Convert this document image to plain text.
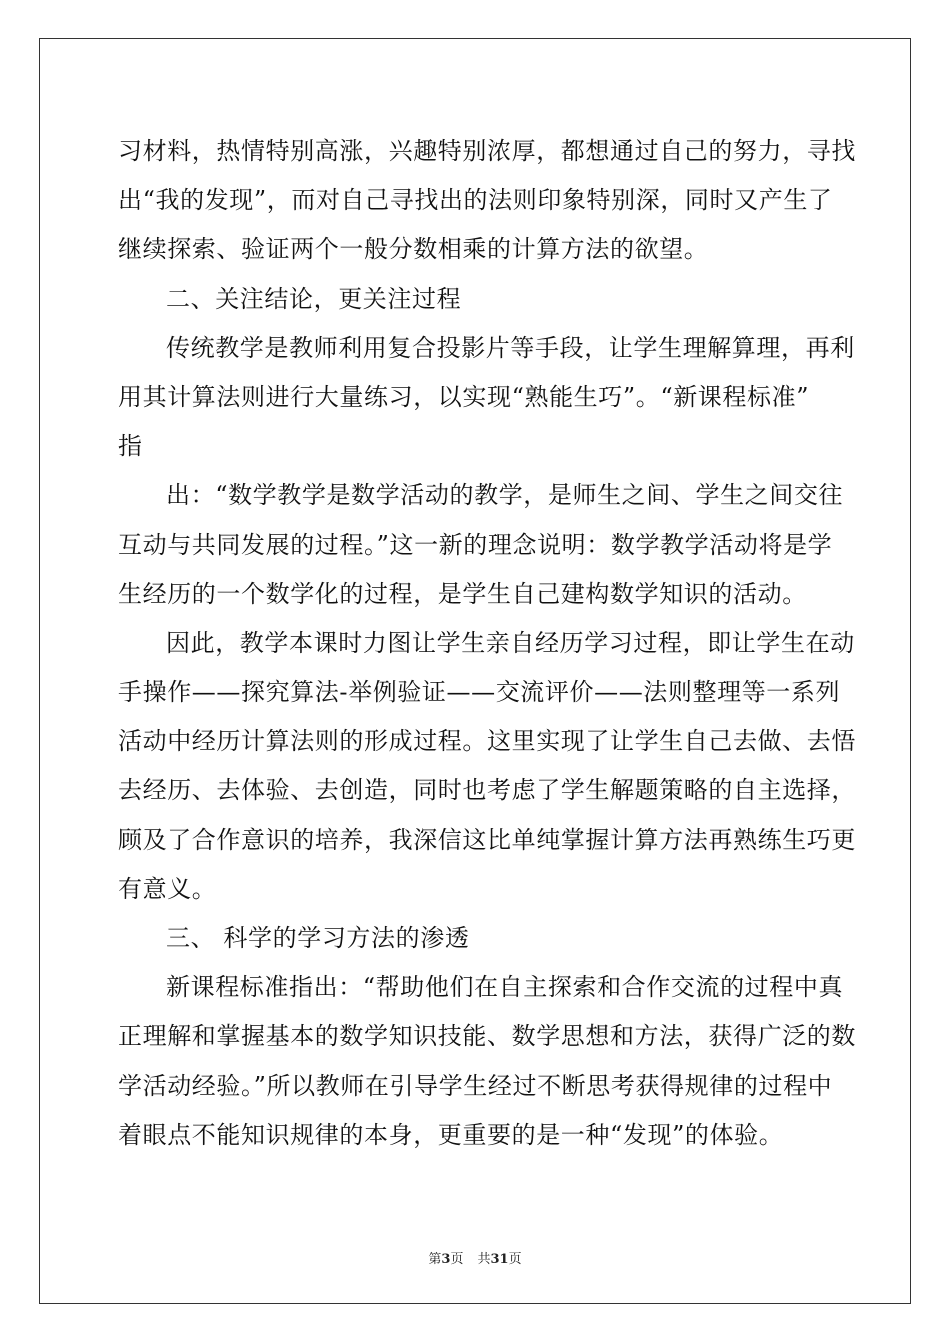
习材料，热情特别高涨，兴趣特别浓厚，都想通过自己的努力，寻找
出“我的发现”，而对自己寻找出的法则印象特别深，同时又产生了
继续探索、验证两个一般分数相乘的计算方法的欲望。
二、关注结论，更关注过程
传统教学是教师利用复合投影片等手段，让学生理解算理，再利
用其计算法则进行大量练习，以实现“熟能生巧”。“新课程标准”
指
出：“数学教学是数学活动的教学，是师生之间、学生之间交往
互动与共同发展的过程。”这一新的理念说明：数学教学活动将是学
生经历的一个数学化的过程，是学生自己建构数学知识的活动。
因此，教学本课时力图让学生亲自经历学习过程，即让学生在动
手操作——探究算法-举例验证——交流评价——法则整理等一系列
活动中经历计算法则的形成过程。这里实现了让学生自己去做、去悟
去经历、去体验、去创造，同时也考虑了学生解题策略的自主选择，
顾及了合作意识的培养，我深信这比单纯掌握计算方法再熟练生巧更
有意义。
三、 科学的学习方法的渗透
新课程标准指出：“帮助他们在自主探索和合作交流的过程中真
正理解和掌握基本的数学知识技能、数学思想和方法，获得广泛的数
学活动经验。”所以教师在引导学生经过不断思考获得规律的过程中
着眼点不能知识规律的本身，更重要的是一种“发现”的体验。
第3页 共31页
